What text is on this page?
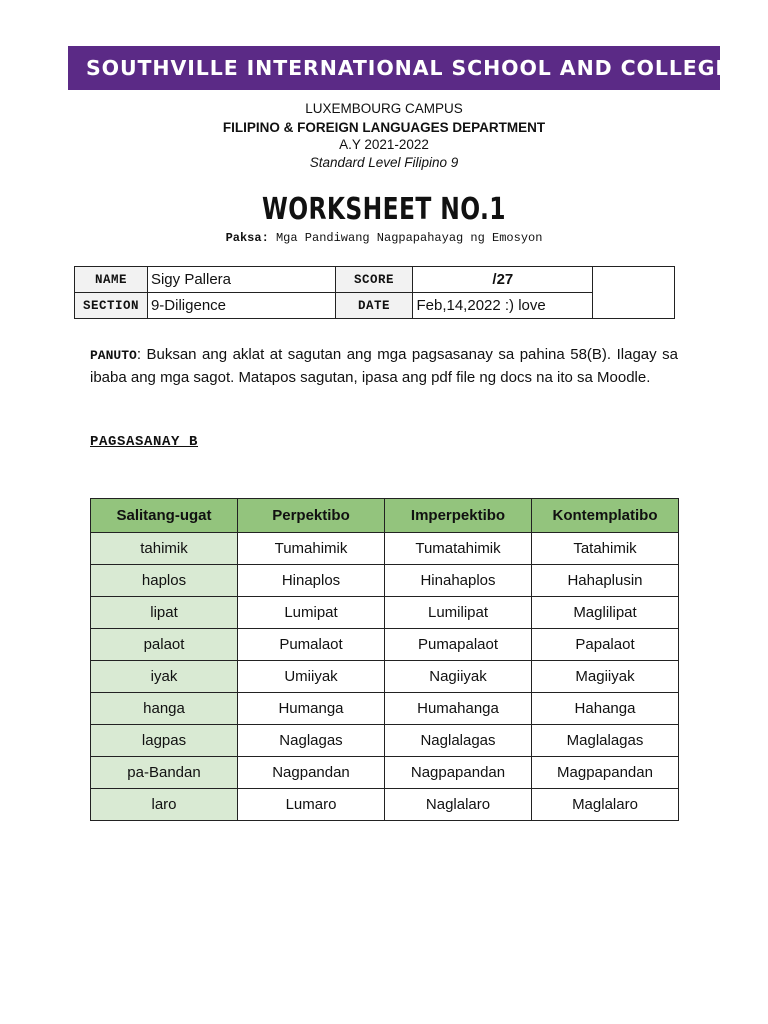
SOUTHVILLE INTERNATIONAL SCHOOL AND COLLEGES
LUXEMBOURG CAMPUS
FILIPINO & FOREIGN LANGUAGES DEPARTMENT
A.Y 2021-2022
Standard Level Filipino 9
WORKSHEET NO.1
Paksa: Mga Pandiwang Nagpapahayag ng Emosyon
NAME	Sigy Pallera	SCORE	/27	
SECTION	9-Diligence	DATE	Feb,14,2022 :) love	
PANUTO: Buksan ang aklat at sagutan ang mga pagsasanay sa pahina 58(B). Ilagay sa ibaba ang mga sagot. Matapos sagutan, ipasa ang pdf file ng docs na ito sa Moodle.
PAGSASANAY B
Salitang-ugat	Perpektibo	Imperpektibo	Kontemplatibo
tahimik	Tumahimik	Tumatahimik	Tatahimik
haplos	Hinaplos	Hinahaplos	Hahaplusin
lipat	Lumipat	Lumilipat	Maglilipat
palaot	Pumalaot	Pumapalaot	Papalaot
iyak	Umiiyak	Nagiiyak	Magiiyak
hanga	Humanga	Humahanga	Hahanga
lagpas	Naglagas	Naglalagas	Maglalagas
pa-Bandan	Nagpandan	Nagpapandan	Magpapandan
laro	Lumaro	Naglalaro	Maglalaro
